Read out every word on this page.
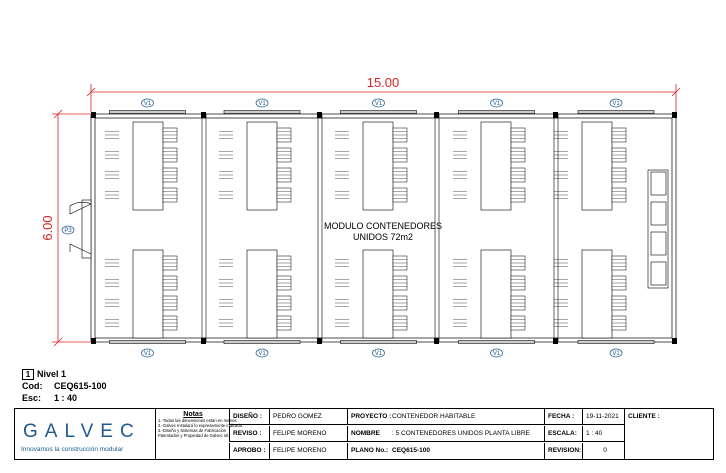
15.00
6.00
V1
V1
V1
V1
V1
V1
V1
V1
V1
V1
P3	MODULO CONTENEDORES
UNIDOS 72m2
1 Nivel 1
Cod: CEQ615-100
Esc: 1 : 40
GALVEC
Innovamos la construcción modular
Notas
1.-Todas las dimensiones estan en metros.
2.-Galvec Instalará lo expresamente indicado.
3.-Diseño y Sistemas de Fabricación
Patentados y Propiedad de Galvec srl.
DISEÑO :	PEDRO GOMEZ
REVISO :	FELIPE MORENO
APROBO :	FELIPE MORENO
PROYECTO : CONTENEDOR HABITABLE
NOMBRE	: 5 CONTENEDORES UNIDOS PLANTA LIBRE
PLANO No.: CEQ615-100
FECHA :	19-11-2021
ESCALA:	1 : 40
REVISION:	0
CLIENTE :
